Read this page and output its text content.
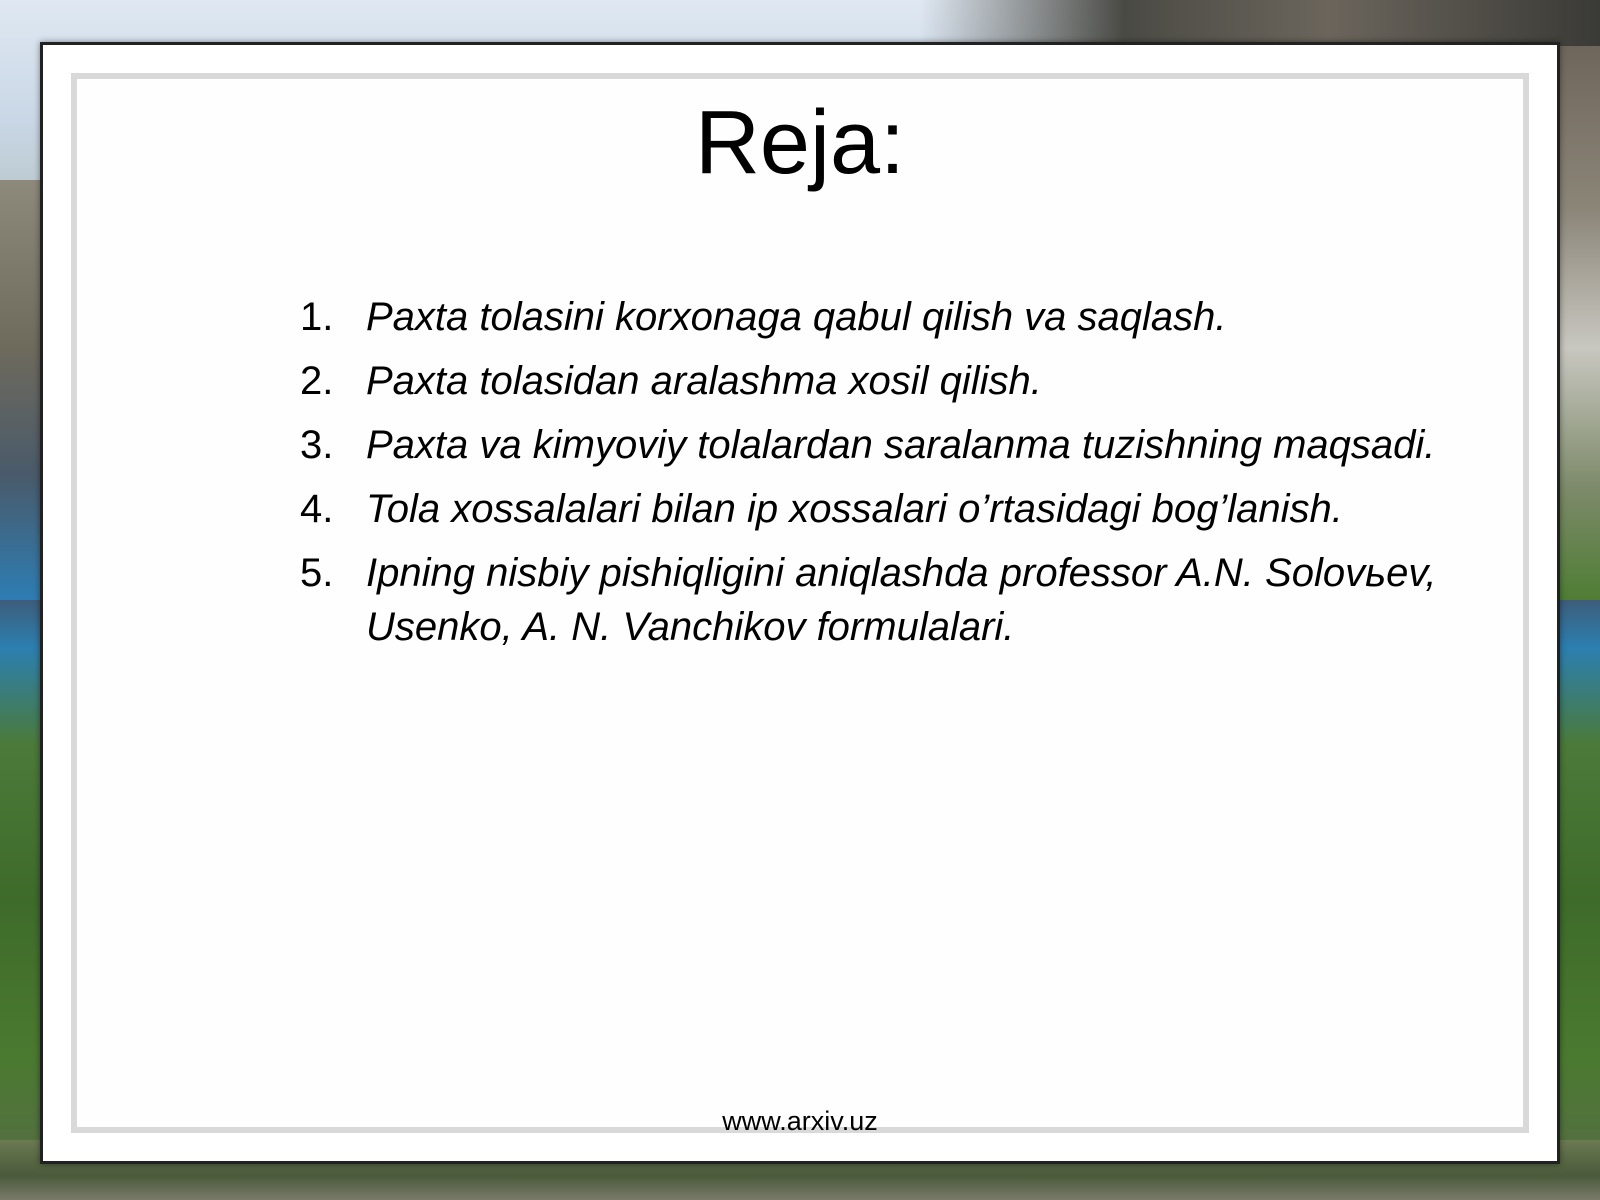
Reja:
1. Paxta tolasini korxonaga qabul qilish va saqlash.
2. Paxta tolasidan aralashma xosil qilish.
3. Paxta va kimyoviy tolalardan saralanma tuzishning maqsadi.
4. Tola xossalalari bilan ip xossalari o’rtasidagi bog’lanish.
5. Ipning nisbiy pishiqligini aniqlashda professor A.N. Solovьev, Usenko, A. N. Vanchikov formulalari.
www.arxiv.uz
